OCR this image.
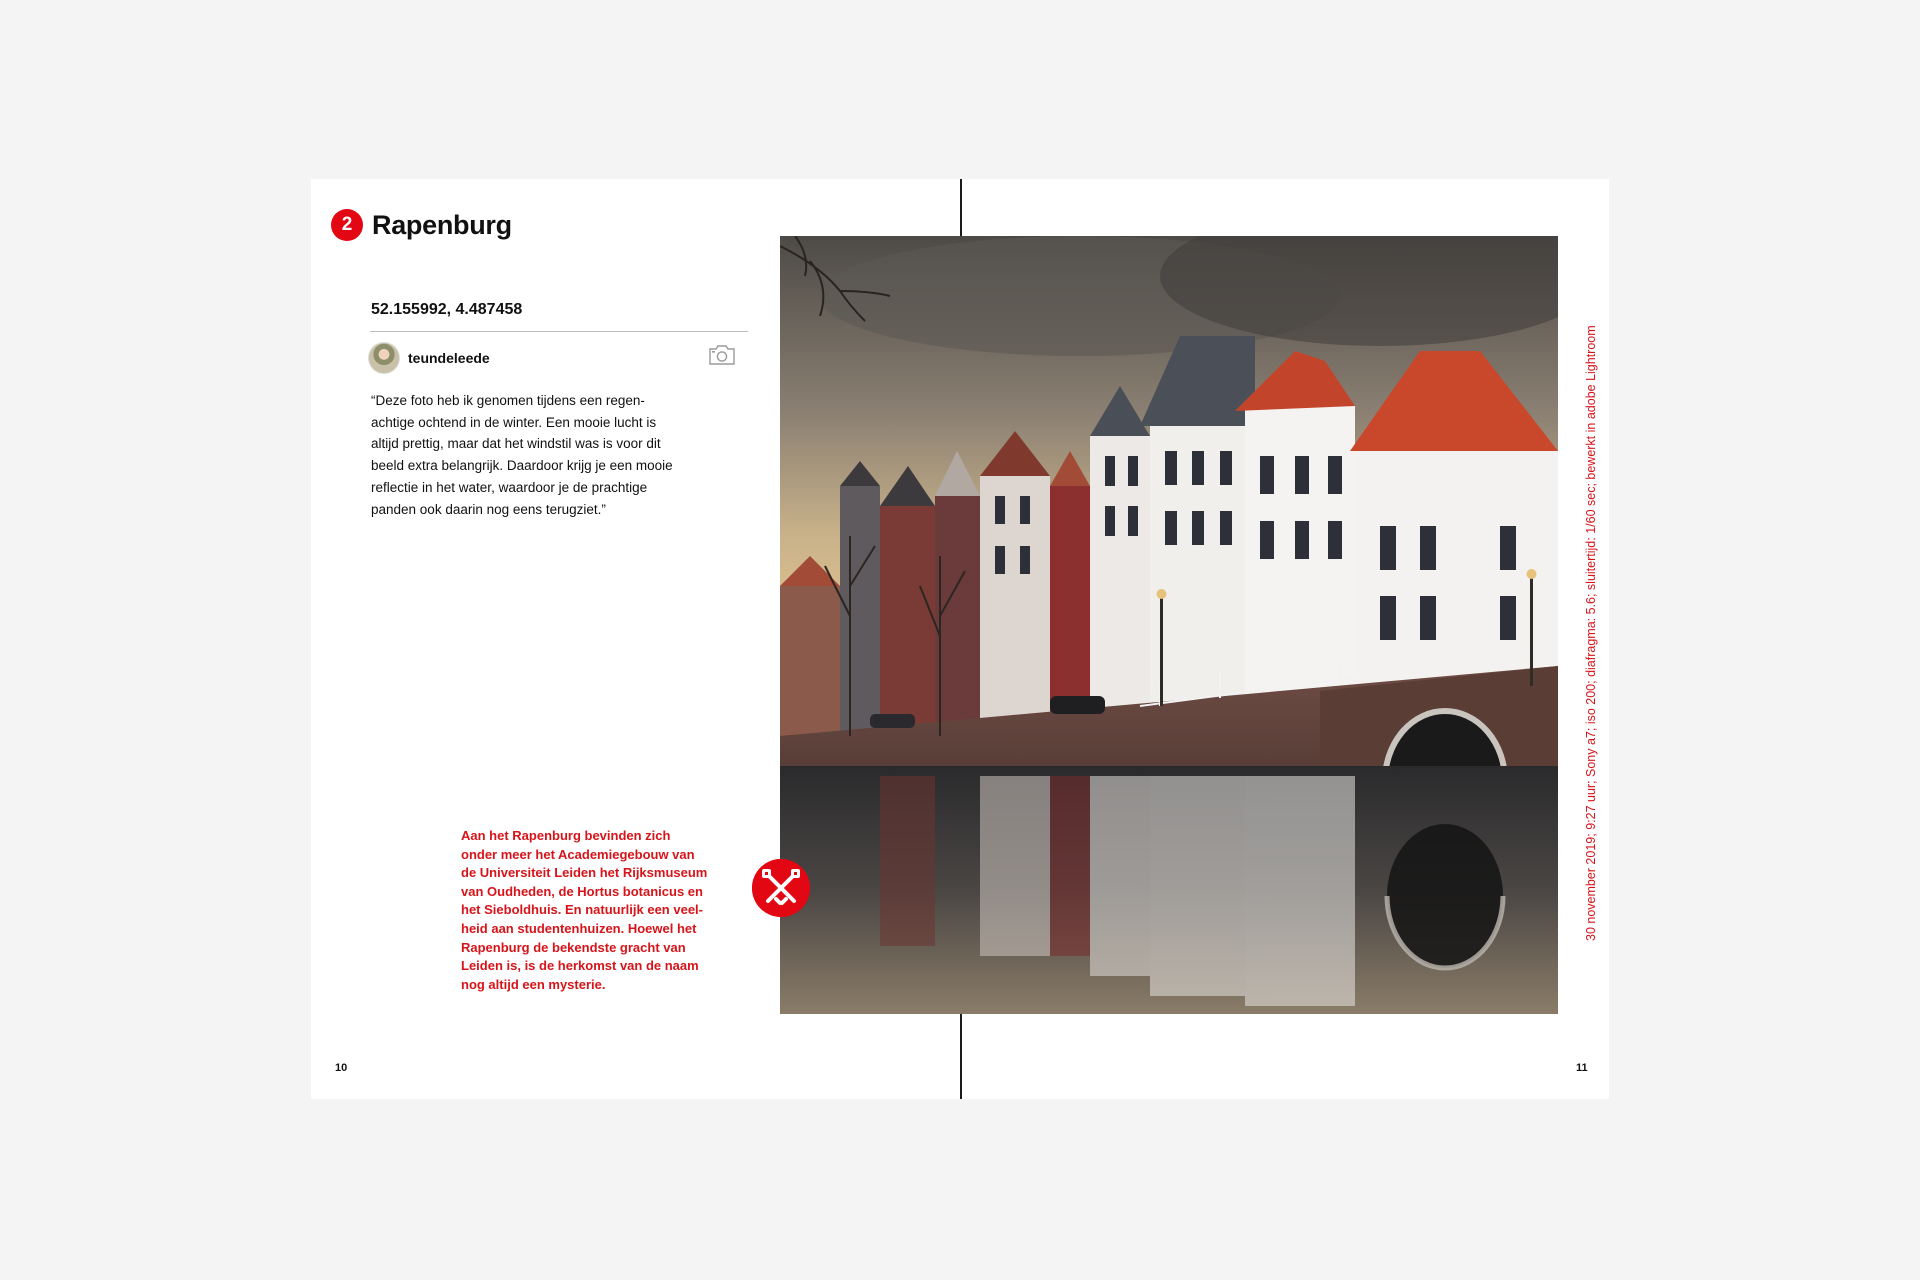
2 Rapenburg
52.155992, 4.487458
teundeleede
“Deze foto heb ik genomen tijdens een regen-
achtige ochtend in de winter. Een mooie lucht is
altijd prettig, maar dat het windstil was is voor dit
beeld extra belangrijk. Daardoor krijg je een mooie
reflectie in het water, waardoor je de prachtige
panden ook daarin nog eens terugziet.”
Aan het Rapenburg bevinden zich
onder meer het Academiegebouw van
de Universiteit Leiden het Rijksmuseum
van Oudheden, de Hortus botanicus en
het Sieboldhuis. En natuurlijk een veel-
heid aan studentenhuizen. Hoewel het
Rapenburg de bekendste gracht van
Leiden is, is de herkomst van de naam
nog altijd een mysterie.
30 november 2019; 9:27 uur; Sony a7; iso 200; diafragma: 5.6; sluitertijd: 1/60 sec; bewerkt in adobe Lightroom
10	11
